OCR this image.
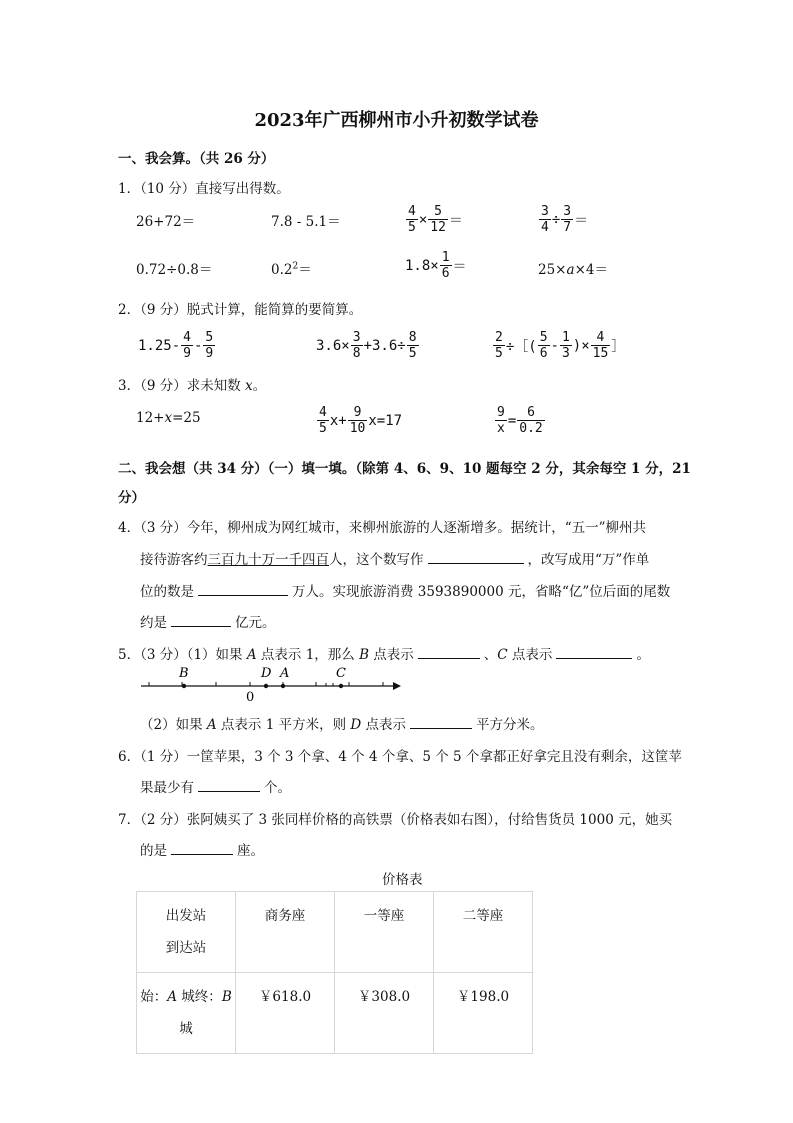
2023年广西柳州市小升初数学试卷
一、我会算。（共 26 分）
1．（10 分）直接写出得数。
26+72＝	7.8 - 5.1＝	$\frac{4}{5} \times \frac{5}{12}$ ＝	$\frac{3}{4} \div \frac{3}{7}$ ＝
0.72÷0.8＝	$0.2^2=$	$1.8\times \frac{1}{6}$ ＝	25×a×4＝
2．（9 分）脱式计算，能简算的要简算。
$1.25- \frac{4}{9} - \frac{5}{9}$	$3.6\times \frac{3}{8} +3.6\div \frac{8}{5}$	$\frac{2}{5}$ ÷［( $\frac{5}{6} - \frac{1}{3}$ )× $\frac{4}{15}$ ］
3．（9 分）求未知数 x。
12+x=25	$\frac{4}{5} x+ \frac{9}{10} x=17$	$\frac{9}{x} = \frac{6}{0.2}$
二、我会想（共 34 分）（一）填一填。（除第 4、6、9、10 题每空 2 分，其余每空 1 分，21
分）
4．（3 分）今年，柳州成为网红城市，来柳州旅游的人逐渐增多。据统计，“五一”柳州共
接待游客约三百九十万一千四百人，这个数写作	，改写成用“万”作单
位的数是	万人。实现旅游消费 3593890000 元，省略“亿”位后面的尾数
约是	亿元。
5．（3 分）（1）如果 A 点表示 1，那么 B 点表示	、C 点表示	。
B	D A	C
0
（2）如果 A 点表示 1 平方米，则 D 点表示	平方分米。
6．（1 分）一筐苹果，3 个 3 个拿、4 个 4 个拿、5 个 5 个拿都正好拿完且没有剩余，这筐苹
果最少有	个。
7．（2 分）张阿姨买了 3 张同样价格的高铁票（价格表如右图），付给售货员 1000 元，她买
的是	座。
价格表
出发站
到达站	商务座	一等座	二等座

始：A 城终：B
城	￥618.0	￥308.0	￥198.0
